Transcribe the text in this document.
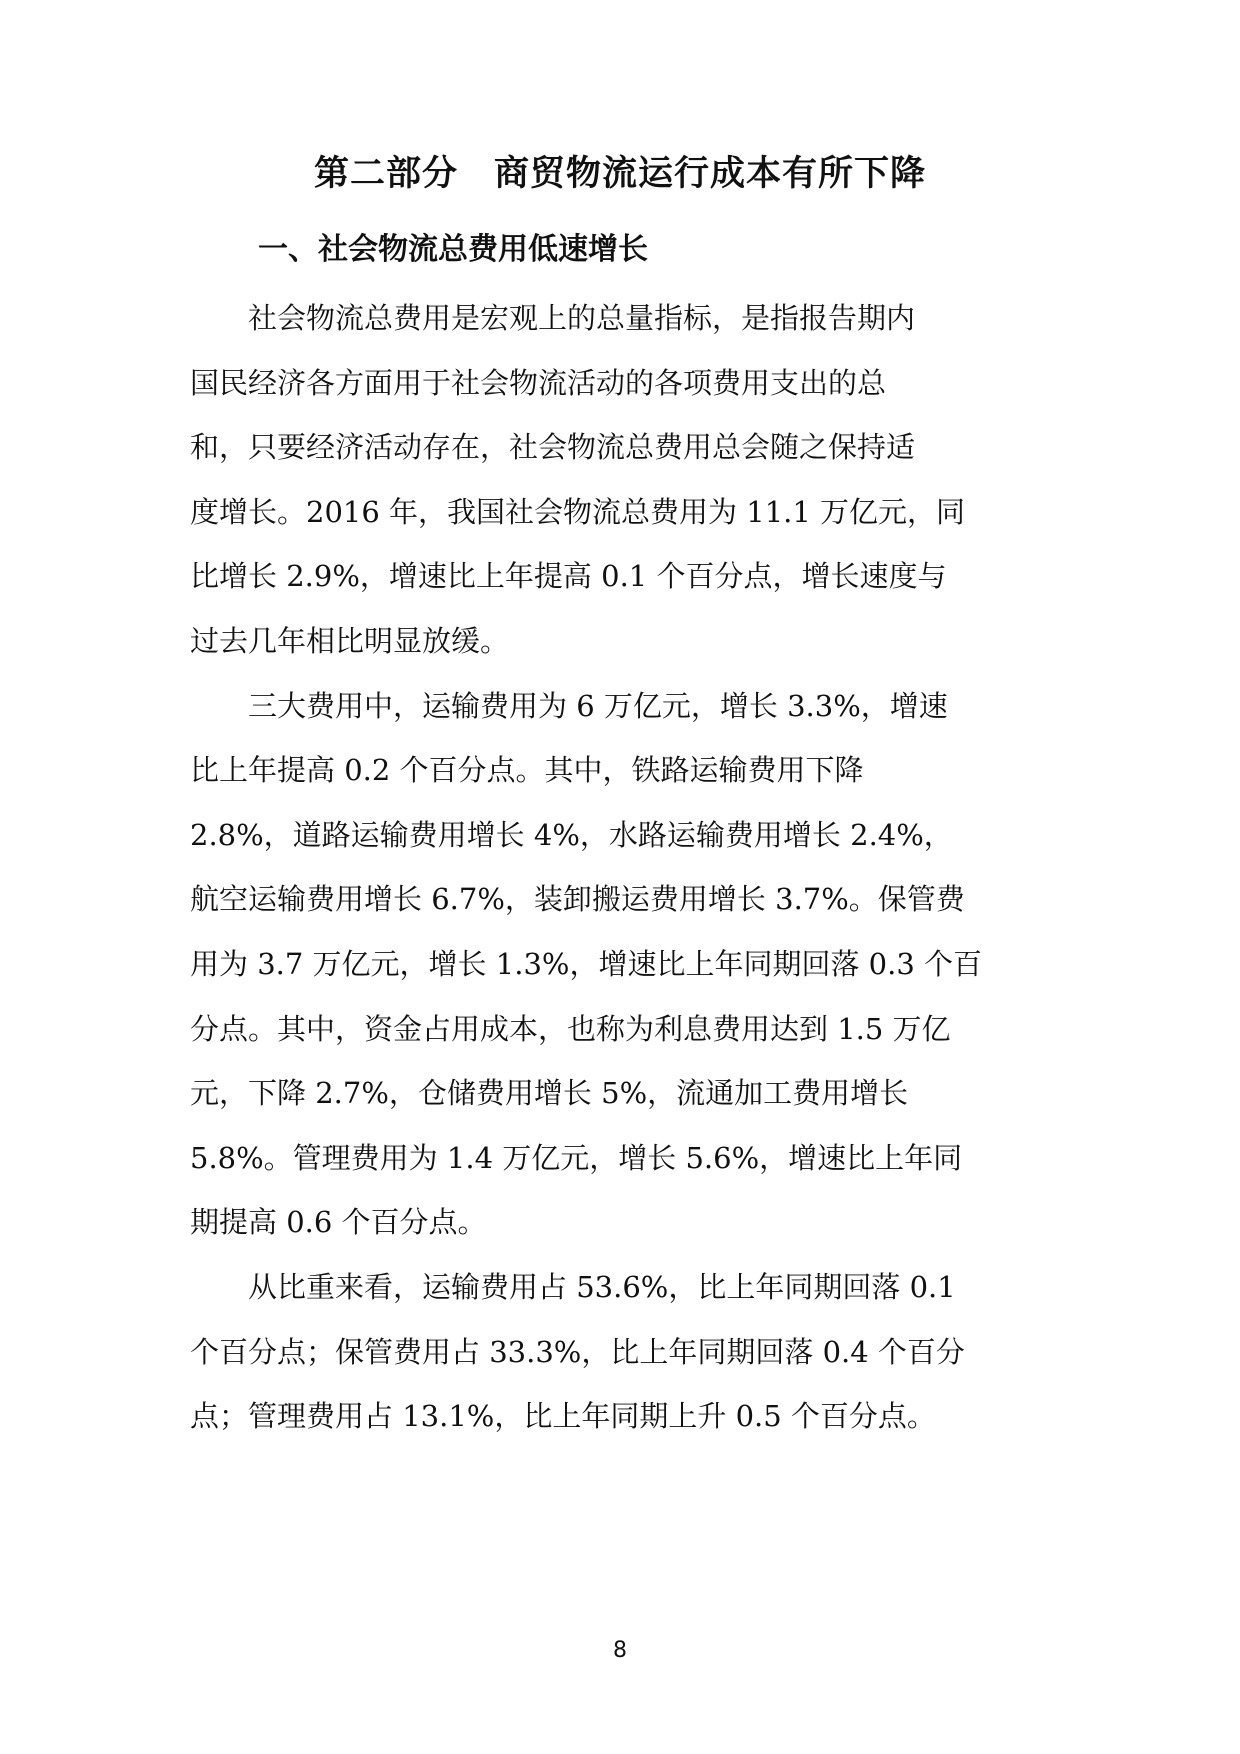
第二部分　商贸物流运行成本有所下降
一、社会物流总费用低速增长

社会物流总费用是宏观上的总量指标，是指报告期内
国民经济各方面用于社会物流活动的各项费用支出的总
和，只要经济活动存在，社会物流总费用总会随之保持适
度增长。2016 年，我国社会物流总费用为 11.1 万亿元，同
比增长 2.9%，增速比上年提高 0.1 个百分点，增长速度与
过去几年相比明显放缓。

三大费用中，运输费用为 6 万亿元，增长 3.3%，增速
比上年提高 0.2 个百分点。其中，铁路运输费用下降
2.8%，道路运输费用增长 4%，水路运输费用增长 2.4%，
航空运输费用增长 6.7%，装卸搬运费用增长 3.7%。保管费
用为 3.7 万亿元，增长 1.3%，增速比上年同期回落 0.3 个百
分点。其中，资金占用成本，也称为利息费用达到 1.5 万亿
元，下降 2.7%，仓储费用增长 5%，流通加工费用增长
5.8%。管理费用为 1.4 万亿元，增长 5.6%，增速比上年同
期提高 0.6 个百分点。

从比重来看，运输费用占 53.6%，比上年同期回落 0.1
个百分点；保管费用占 33.3%，比上年同期回落 0.4 个百分
点；管理费用占 13.1%，比上年同期上升 0.5 个百分点。

8
